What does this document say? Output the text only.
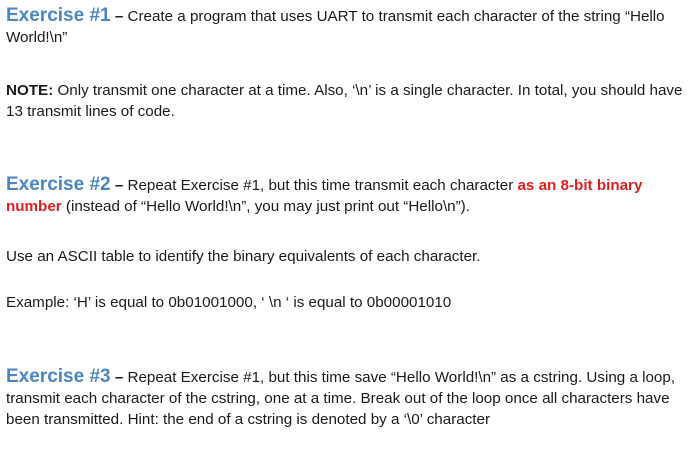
Exercise #1 – Create a program that uses UART to transmit each character of the string “Hello World!\n”

NOTE: Only transmit one character at a time. Also, ‘\n’ is a single character. In total, you should have 13 transmit lines of code.

Exercise #2 – Repeat Exercise #1, but this time transmit each character as an 8-bit binary number (instead of “Hello World!\n”, you may just print out “Hello\n”).

Use an ASCII table to identify the binary equivalents of each character.

Example: ‘H’ is equal to 0b01001000, ‘ \n ‘ is equal to 0b00001010

Exercise #3 – Repeat Exercise #1, but this time save “Hello World!\n” as a cstring. Using a loop, transmit each character of the cstring, one at a time. Break out of the loop once all characters have been transmitted. Hint: the end of a cstring is denoted by a ‘\0’ character
